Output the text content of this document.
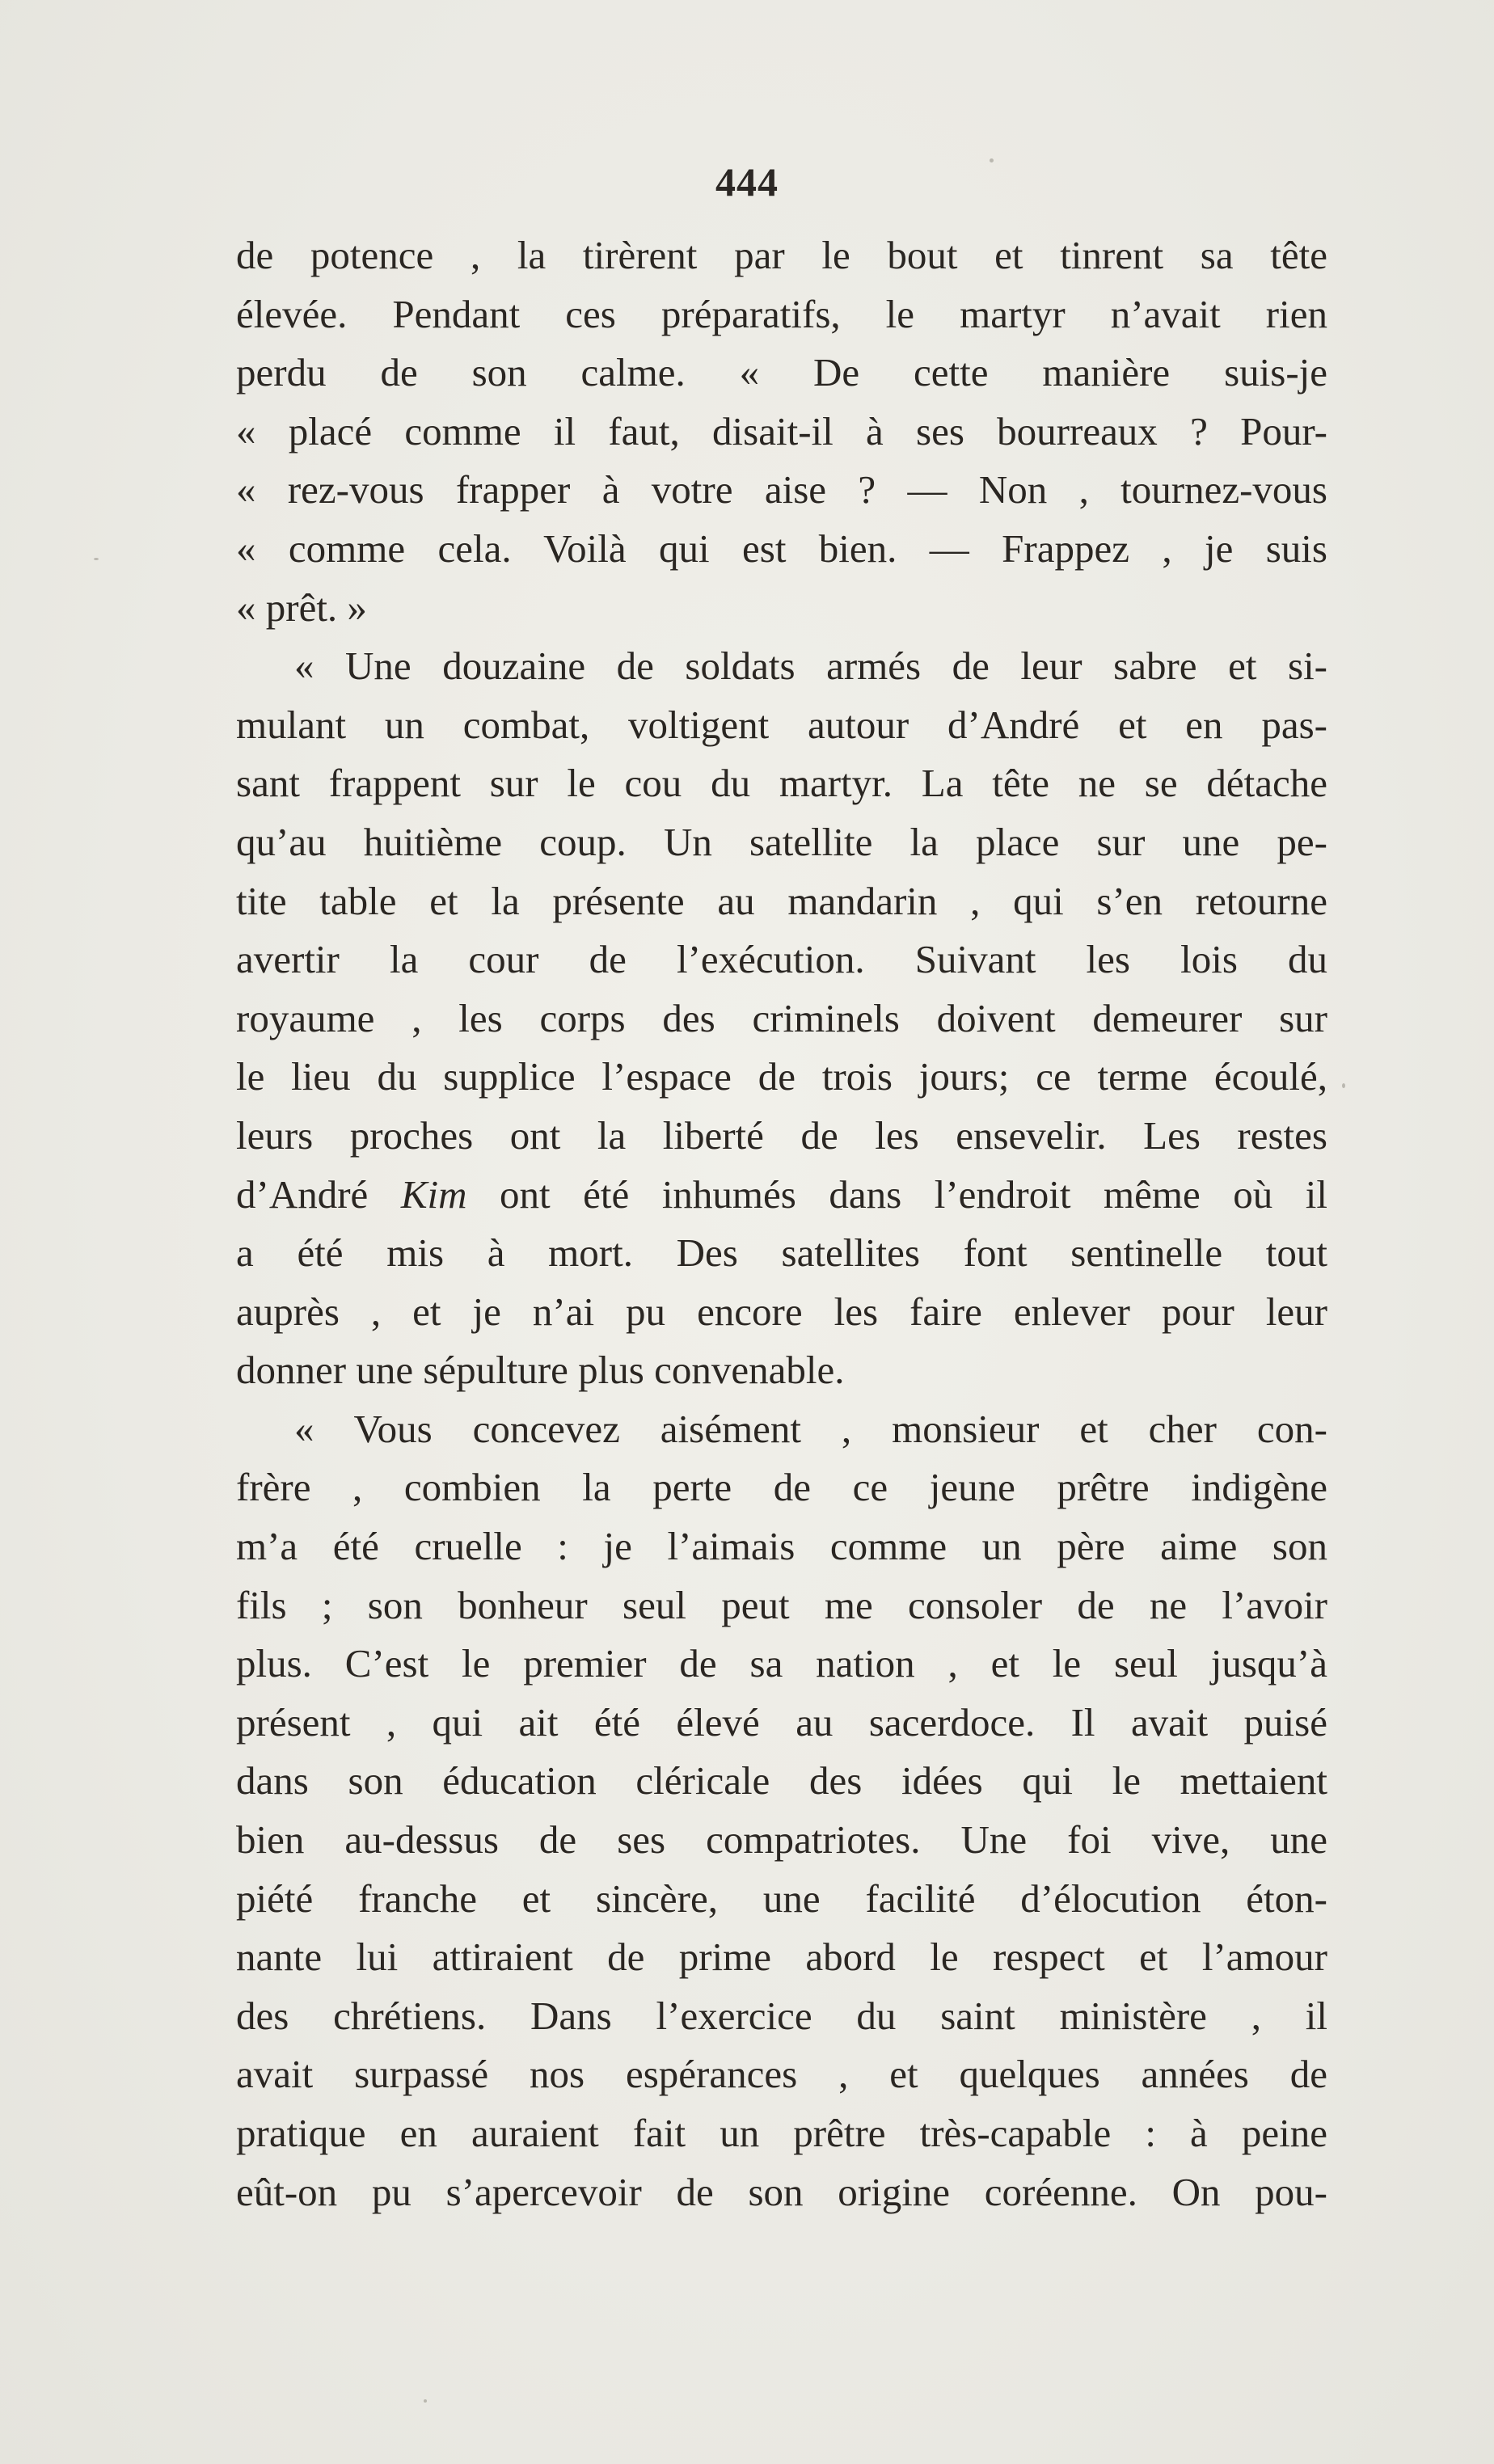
444
de potence , la tirèrent par le bout et tinrent sa tête
élevée. Pendant ces préparatifs, le martyr n’avait rien
perdu de son calme. « De cette manière suis-je
« placé comme il faut, disait-il à ses bourreaux ? Pour-
« rez-vous frapper à votre aise ? — Non , tournez-vous
« comme cela. Voilà qui est bien. — Frappez , je suis
« prêt. »
« Une douzaine de soldats armés de leur sabre et si-
mulant un combat, voltigent autour d’André et en pas-
sant frappent sur le cou du martyr. La tête ne se détache
qu’au huitième coup. Un satellite la place sur une pe-
tite table et la présente au mandarin , qui s’en retourne
avertir la cour de l’exécution. Suivant les lois du
royaume , les corps des criminels doivent demeurer sur
le lieu du supplice l’espace de trois jours; ce terme écoulé,
leurs proches ont la liberté de les ensevelir. Les restes
d’André Kim ont été inhumés dans l’endroit même où il
a été mis à mort. Des satellites font sentinelle tout
auprès , et je n’ai pu encore les faire enlever pour leur
donner une sépulture plus convenable.
« Vous concevez aisément , monsieur et cher con-
frère , combien la perte de ce jeune prêtre indigène
m’a été cruelle : je l’aimais comme un père aime son
fils ; son bonheur seul peut me consoler de ne l’avoir
plus. C’est le premier de sa nation , et le seul jusqu’à
présent , qui ait été élevé au sacerdoce. Il avait puisé
dans son éducation cléricale des idées qui le mettaient
bien au-dessus de ses compatriotes. Une foi vive, une
piété franche et sincère, une facilité d’élocution éton-
nante lui attiraient de prime abord le respect et l’amour
des chrétiens. Dans l’exercice du saint ministère , il
avait surpassé nos espérances , et quelques années de
pratique en auraient fait un prêtre très-capable : à peine
eût-on pu s’apercevoir de son origine coréenne. On pou-
